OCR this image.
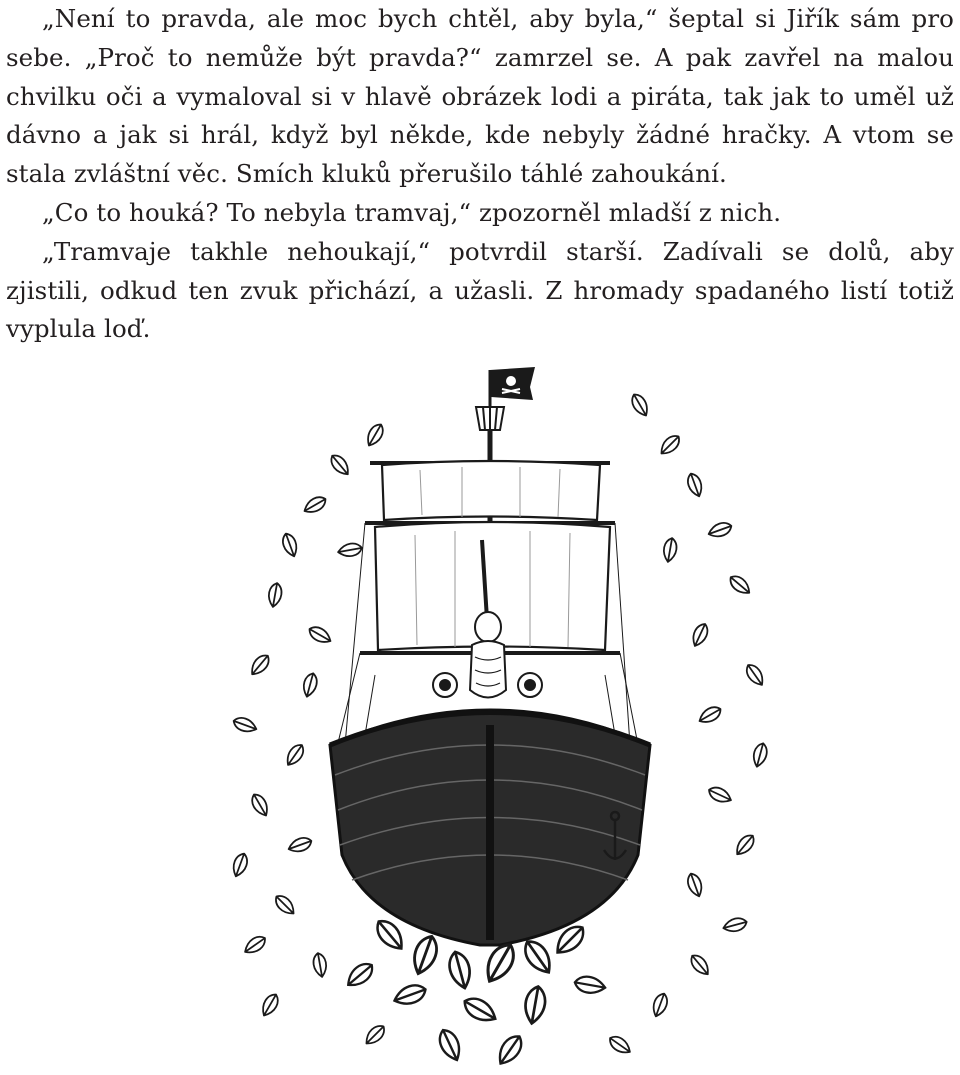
„Není to pravda, ale moc bych chtěl, aby byla,“ šeptal si Jiřík sám pro sebe. „Proč to nemůže být pravda?“ zamrzel se. A pak zavřel na malou chvilku oči a vymaloval si v hlavě obrázek lodi a piráta, tak jak to uměl už dávno a jak si hrál, když byl někde, kde nebyly žádné hračky. A vtom se stala zvláštní věc. Smích kluků přerušilo táhlé zahoukání.

„Co to houká? To nebyla tramvaj,“ zpozorněl mladší z nich.

„Tramvaje takhle nehoukají,“ potvrdil starší. Zadívali se dolů, aby zjistili, odkud ten zvuk přichází, a užasli. Z hromady spadaného listí totiž vyplula loď.
